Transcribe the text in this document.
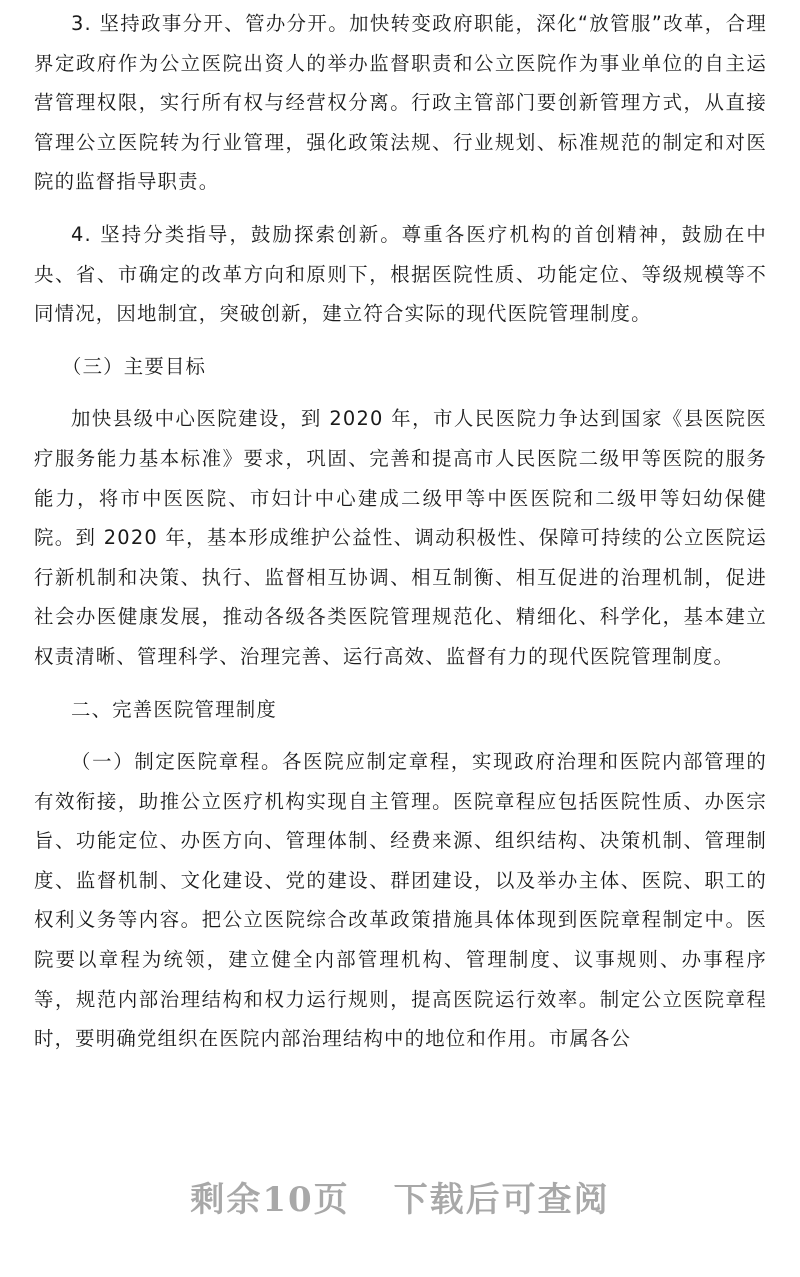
3. 坚持政事分开、管办分开。加快转变政府职能，深化“放管服”改革，合理界定政府作为公立医院出资人的举办监督职责和公立医院作为事业单位的自主运营管理权限，实行所有权与经营权分离。行政主管部门要创新管理方式，从直接管理公立医院转为行业管理，强化政策法规、行业规划、标准规范的制定和对医院的监督指导职责。

4. 坚持分类指导，鼓励探索创新。尊重各医疗机构的首创精神，鼓励在中央、省、市确定的改革方向和原则下，根据医院性质、功能定位、等级规模等不同情况，因地制宜，突破创新，建立符合实际的现代医院管理制度。

（三）主要目标

加快县级中心医院建设，到 2020 年，市人民医院力争达到国家《县医院医疗服务能力基本标准》要求，巩固、完善和提高市人民医院二级甲等医院的服务能力，将市中医医院、市妇计中心建成二级甲等中医医院和二级甲等妇幼保健院。到 2020 年，基本形成维护公益性、调动积极性、保障可持续的公立医院运行新机制和决策、执行、监督相互协调、相互制衡、相互促进的治理机制，促进社会办医健康发展，推动各级各类医院管理规范化、精细化、科学化，基本建立权责清晰、管理科学、治理完善、运行高效、监督有力的现代医院管理制度。

二、完善医院管理制度

（一）制定医院章程。各医院应制定章程，实现政府治理和医院内部管理的有效衔接，助推公立医疗机构实现自主管理。医院章程应包括医院性质、办医宗旨、功能定位、办医方向、管理体制、经费来源、组织结构、决策机制、管理制度、监督机制、文化建设、党的建设、群团建设，以及举办主体、医院、职工的权利义务等内容。把公立医院综合改革政策措施具体体现到医院章程制定中。医院要以章程为统领，建立健全内部管理机构、管理制度、议事规则、办事程序等，规范内部治理结构和权力运行规则，提高医院运行效率。制定公立医院章程时，要明确党组织在医院内部治理结构中的地位和作用。市属各公

剩余10页 下载后可查阅
